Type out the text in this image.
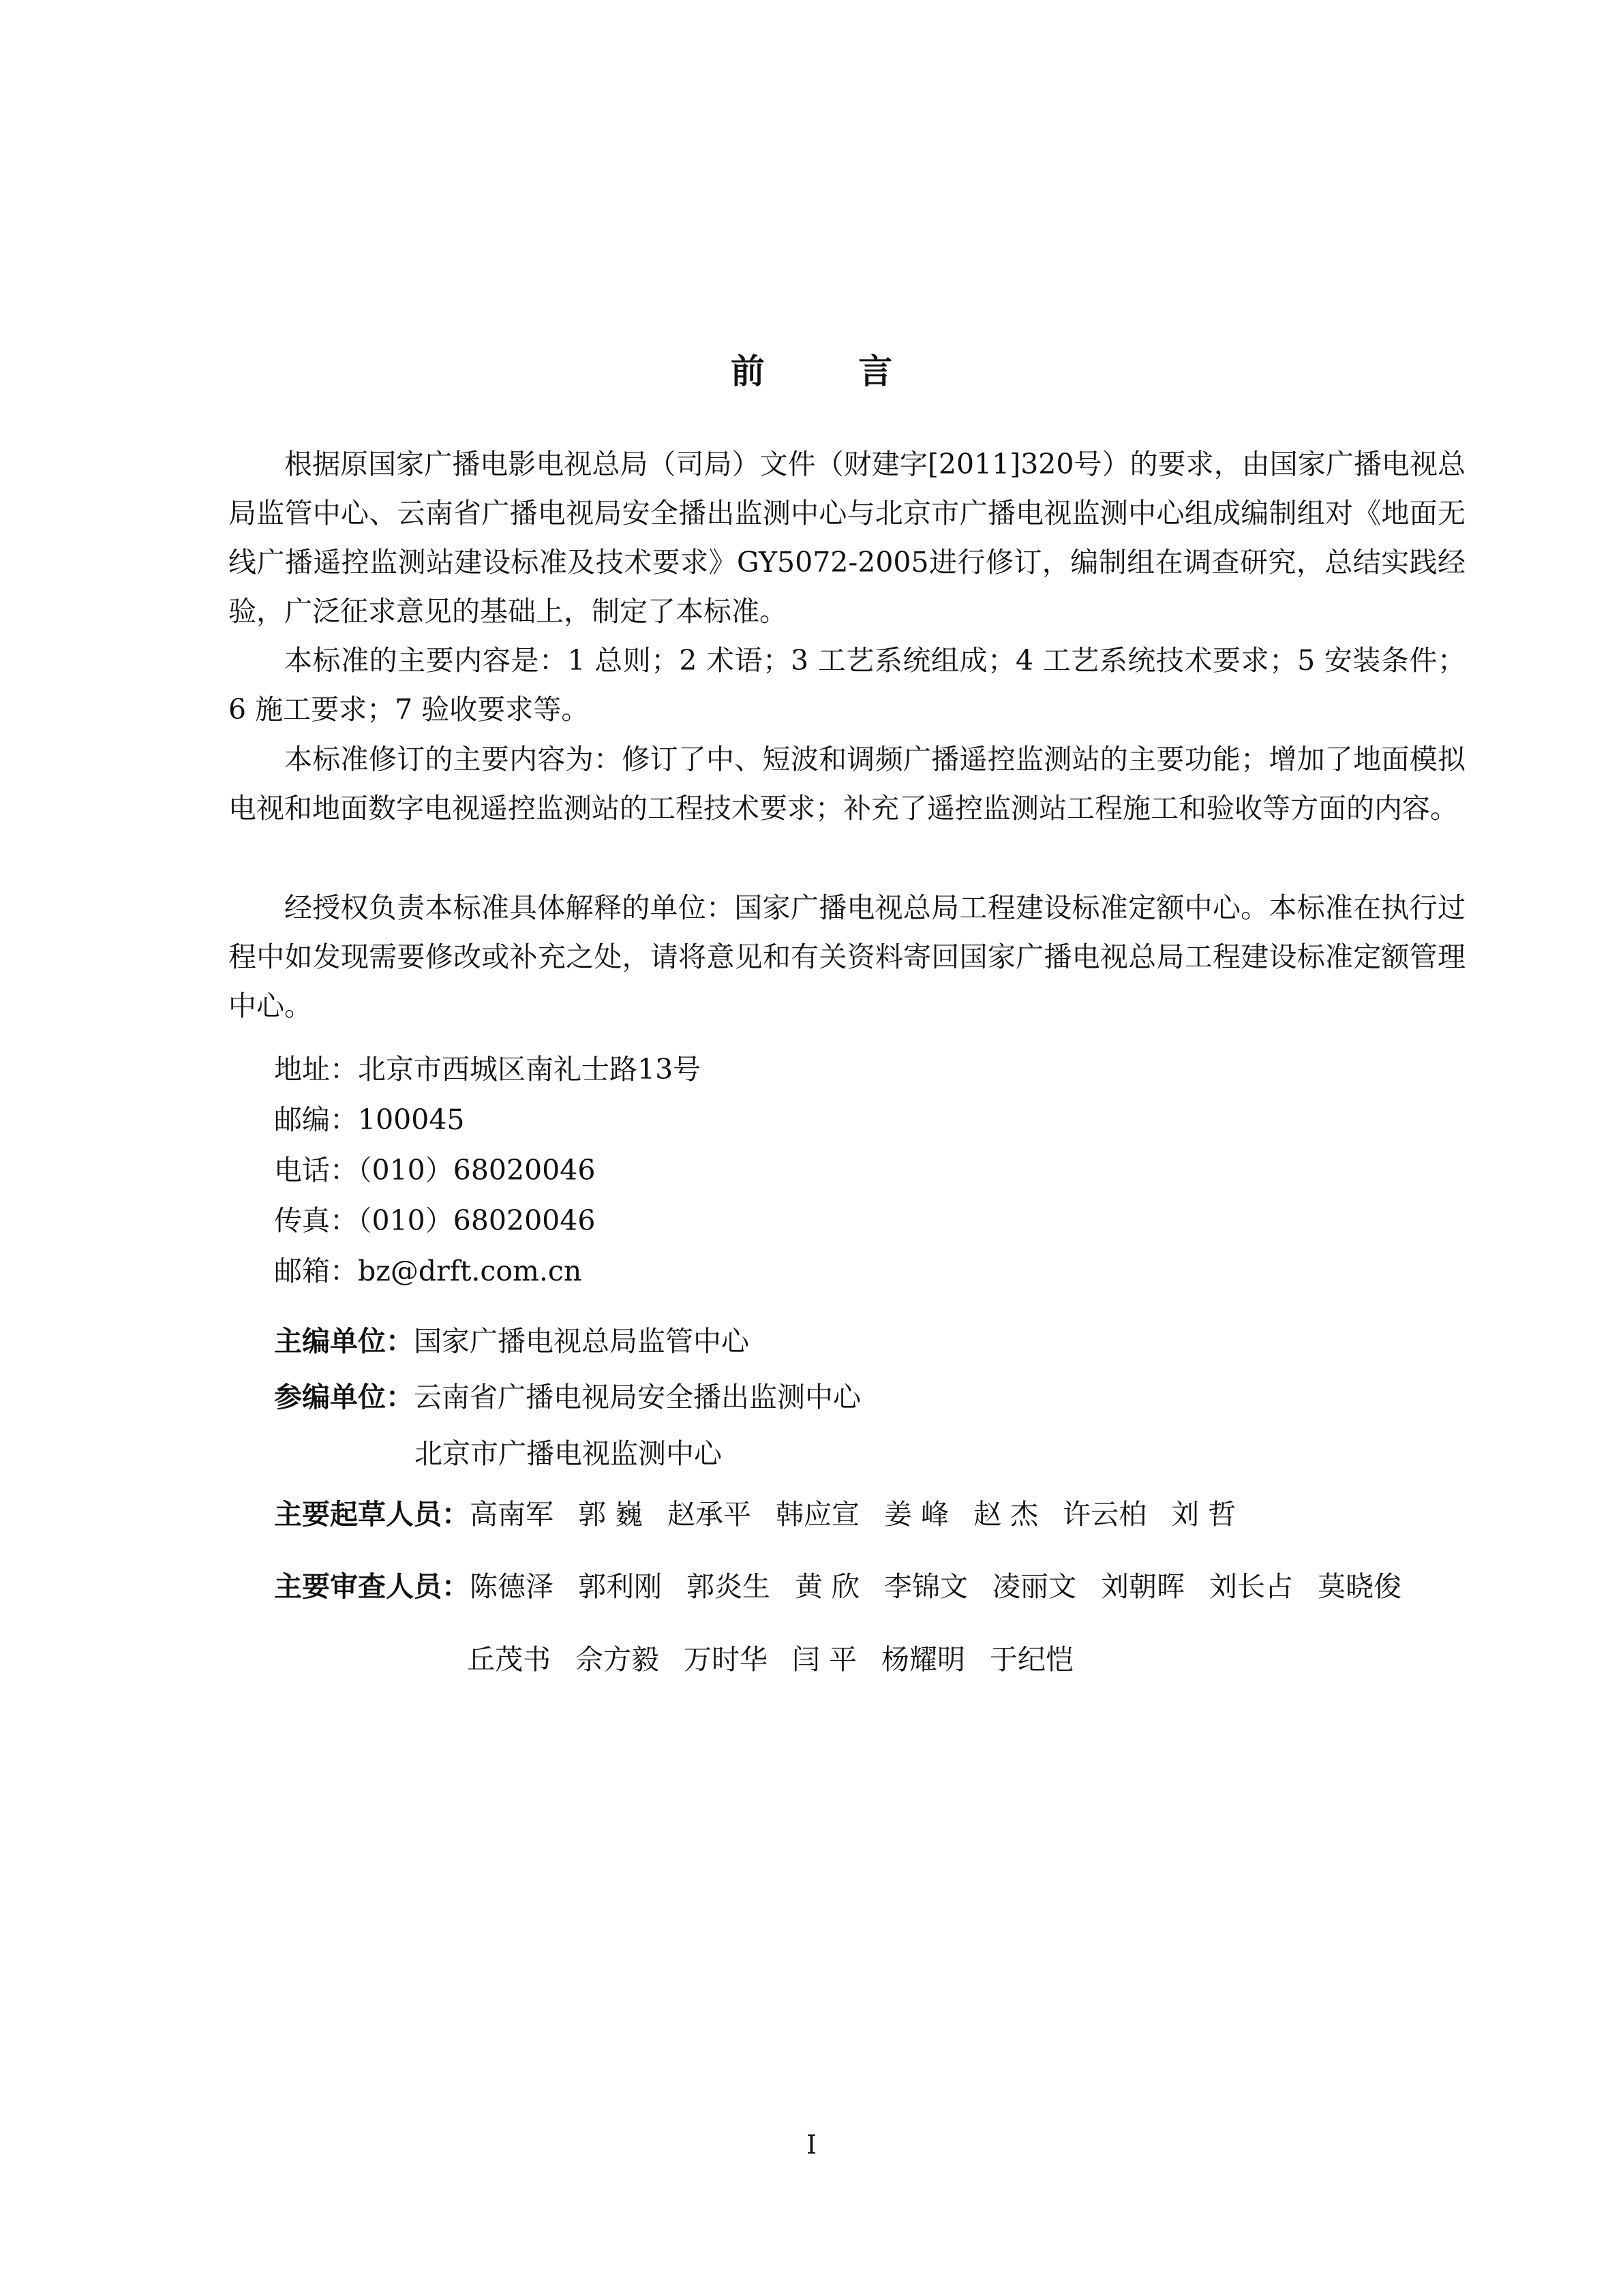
前 言

根据原国家广播电影电视总局（司局）文件（财建字[2011]320号）的要求，由国家广播电视总局监管中心、云南省广播电视局安全播出监测中心与北京市广播电视监测中心组成编制组对《地面无线广播遥控监测站建设标准及技术要求》GY5072-2005进行修订，编制组在调查研究，总结实践经验，广泛征求意见的基础上，制定了本标准。

本标准的主要内容是：1 总则；2 术语；3 工艺系统组成；4 工艺系统技术要求；5 安装条件；6 施工要求；7 验收要求等。

本标准修订的主要内容为：修订了中、短波和调频广播遥控监测站的主要功能；增加了地面模拟电视和地面数字电视遥控监测站的工程技术要求；补充了遥控监测站工程施工和验收等方面的内容。

经授权负责本标准具体解释的单位：国家广播电视总局工程建设标准定额中心。本标准在执行过程中如发现需要修改或补充之处，请将意见和有关资料寄回国家广播电视总局工程建设标准定额管理中心。

地址：北京市西城区南礼士路13号
邮编：100045
电话：（010）68020046
传真：（010）68020046
邮箱：bz@drft.com.cn
主编单位：国家广播电视总局监管中心
参编单位：云南省广播电视局安全播出监测中心
北京市广播电视监测中心
主要起草人员：高南军 郭 巍 赵承平 韩应宣 姜 峰 赵 杰 许云柏 刘 哲
主要审查人员：陈德泽 郭利刚 郭炎生 黄 欣 李锦文 凌丽文 刘朝晖 刘长占 莫晓俊
丘茂书 佘方毅 万时华 闫 平 杨耀明 于纪恺

I
